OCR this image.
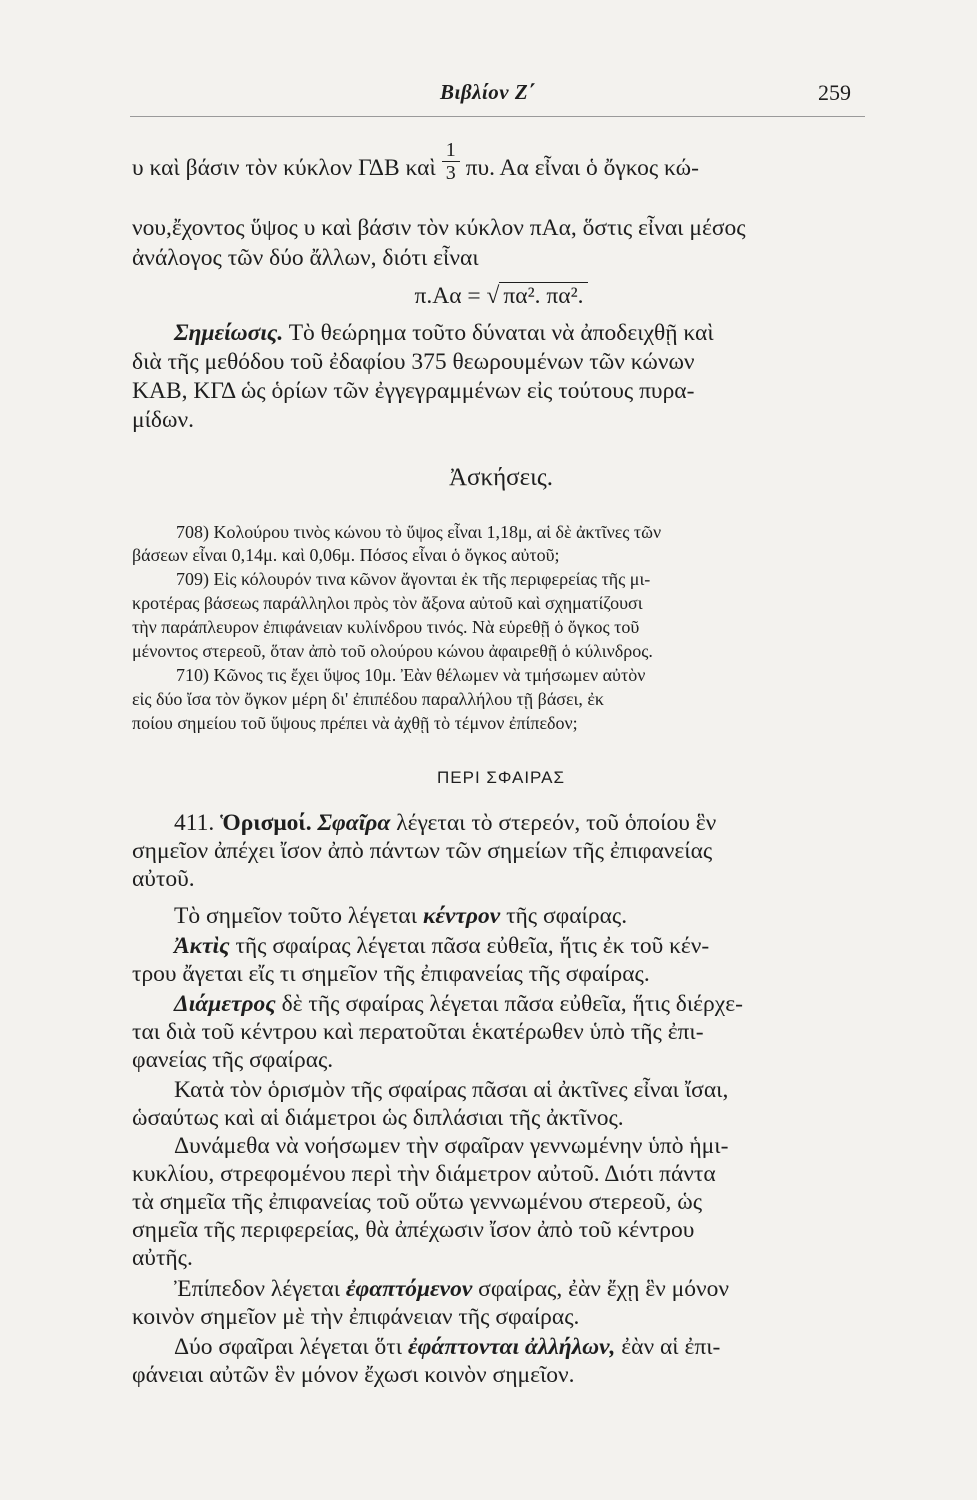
Βιβλίον Ζ΄	259
υ καὶ βάσιν τὸν κύκλον ΓΔΒ καὶ $\frac{1}{3} \pi\upsilon$. Αα εἶναι ὁ ὄγκος κώ-
νου,ἔχοντος ὕψος υ καὶ βάσιν τὸν κύκλον πΑα, ὅστις εἶναι μέσος
ἀνάλογος τῶν δύο ἄλλων, διότι εἶναι
π.Αα = √ πα². πα².
Σημείωσις. Τὸ θεώρημα τοῦτο δύναται νὰ ἀποδειχθῇ καὶ
διὰ τῆς μεθόδου τοῦ ἐδαφίου 375 θεωρουμένων τῶν κώνων
ΚΑΒ, ΚΓΔ ὡς ὁρίων τῶν ἐγγεγραμμένων εἰς τούτους πυρα-
μίδων.
Ἀσκήσεις.
708) Κολούρου τινὸς κώνου τὸ ὕψος εἶναι 1,18μ, αἱ δὲ ἀκτῖνες τῶν
βάσεων εἶναι 0,14μ. καὶ 0,06μ. Πόσος εἶναι ὁ ὄγκος αὐτοῦ;
709) Εἰς κόλουρόν τινα κῶνον ἄγονται ἐκ τῆς περιφερείας τῆς μι-
κροτέρας βάσεως παράλληλοι πρὸς τὸν ἄξονα αὐτοῦ καὶ σχηματίζουσι
τὴν παράπλευρον ἐπιφάνειαν κυλίνδρου τινός. Νὰ εὑρεθῇ ὁ ὄγκος τοῦ
μένοντος στερεοῦ, ὅταν ἀπὸ τοῦ ολούρου κώνου ἀφαιρεθῇ ὁ κύλινδρος.
710) Κῶνος τις ἔχει ὕψος 10μ. Ἐὰν θέλωμεν νὰ τμήσωμεν αὐτὸν
εἰς δύο ἴσα τὸν ὄγκον μέρη δι' ἐπιπέδου παραλλήλου τῇ βάσει, ἐκ
ποίου σημείου τοῦ ὕψους πρέπει νὰ ἀχθῇ τὸ τέμνον ἐπίπεδον;
ΠΕΡΙ ΣΦΑΙΡΑΣ
411. Ὁρισμοί. Σφαῖρα λέγεται τὸ στερεόν, τοῦ ὁποίου ἓν
σημεῖον ἀπέχει ἴσον ἀπὸ πάντων τῶν σημείων τῆς ἐπιφανείας
αὐτοῦ.
Τὸ σημεῖον τοῦτο λέγεται κέντρον τῆς σφαίρας.
Ἀκτὶς τῆς σφαίρας λέγεται πᾶσα εὐθεῖα, ἥτις ἐκ τοῦ κέν-
τρου ἄγεται εἴς τι σημεῖον τῆς ἐπιφανείας τῆς σφαίρας.
Διάμετρος δὲ τῆς σφαίρας λέγεται πᾶσα εὐθεῖα, ἥτις διέρχε-
ται διὰ τοῦ κέντρου καὶ περατοῦται ἑκατέρωθεν ὑπὸ τῆς ἐπι-
φανείας τῆς σφαίρας.
Κατὰ τὸν ὁρισμὸν τῆς σφαίρας πᾶσαι αἱ ἀκτῖνες εἶναι ἴσαι,
ὡσαύτως καὶ αἱ διάμετροι ὡς διπλάσιαι τῆς ἀκτῖνος.
Δυνάμεθα νὰ νοήσωμεν τὴν σφαῖραν γεννωμένην ὑπὸ ἡμι-
κυκλίου, στρεφομένου περὶ τὴν διάμετρον αὐτοῦ. Διότι πάντα
τὰ σημεῖα τῆς ἐπιφανείας τοῦ οὕτω γεννωμένου στερεοῦ, ὡς
σημεῖα τῆς περιφερείας, θὰ ἀπέχωσιν ἴσον ἀπὸ τοῦ κέντρου
αὐτῆς.
Ἐπίπεδον λέγεται ἐφαπτόμενον σφαίρας, ἐὰν ἔχῃ ἓν μόνον
κοινὸν σημεῖον μὲ τὴν ἐπιφάνειαν τῆς σφαίρας.
Δύο σφαῖραι λέγεται ὅτι ἐφάπτονται ἀλλήλων, ἐὰν αἱ ἐπι-
φάνειαι αὐτῶν ἓν μόνον ἔχωσι κοινὸν σημεῖον.
